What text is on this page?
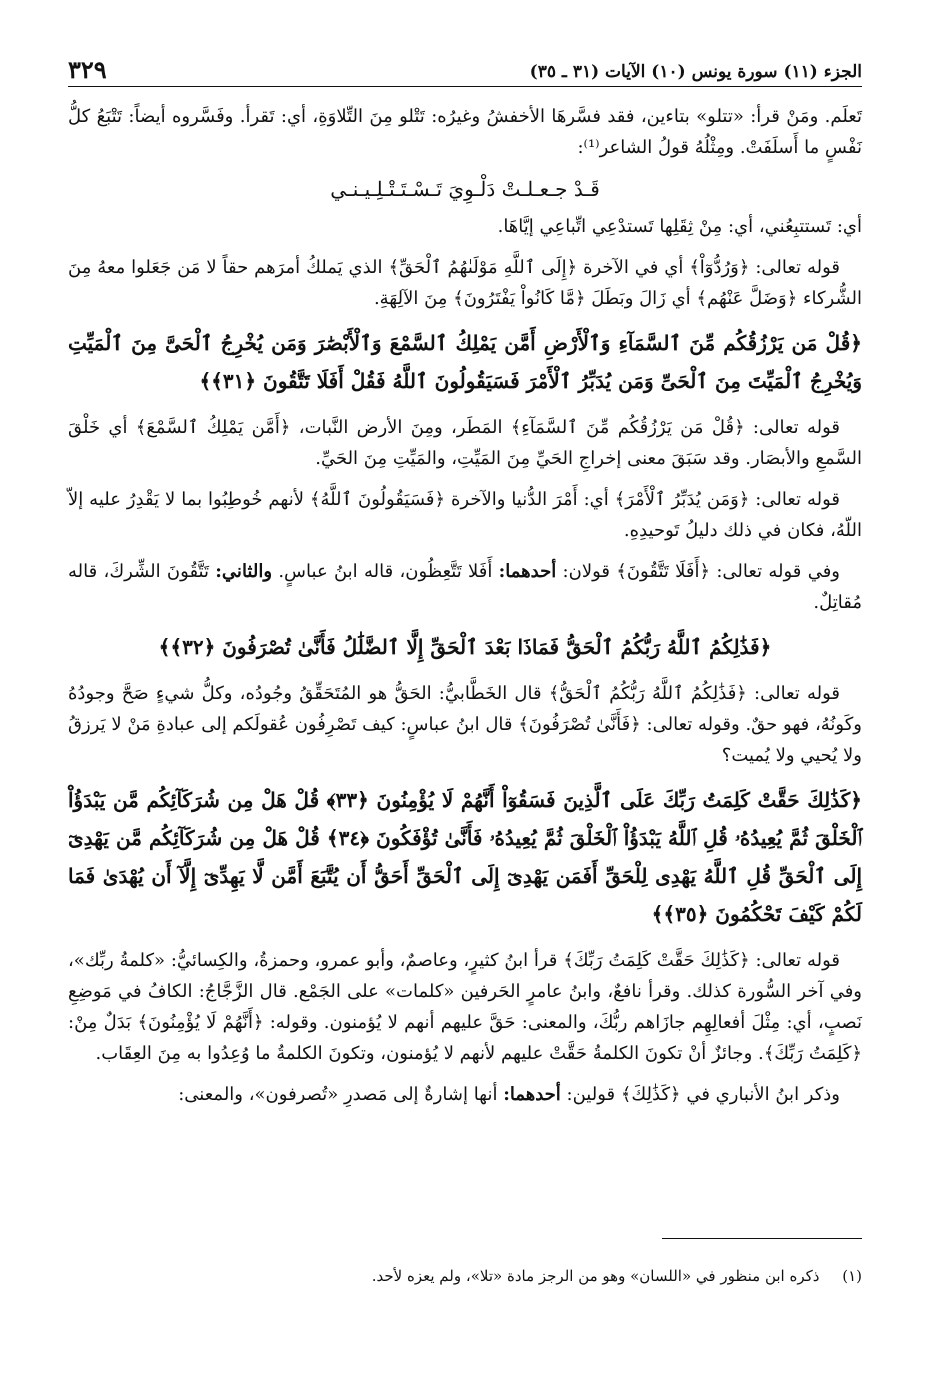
الجزء (١١) سورة يونس (١٠) الآيات (٣١ ـ ٣٥)
٣٢٩

تَعلَم. ومَنْ قرأ: «تتلو» بتاءين، فقد فسَّرهَا الأخفشُ وغيرُه: تَتْلو مِنَ التِّلاوَةِ، أي: تَقرأ. وفَسَّروه أيضاً: تَتْبَعُ كلُّ نَفْسٍ ما أَسلَفَتْ. ومِثْلُهُ قولُ الشاعر⁽¹⁾:

قَـدْ جـعـلـتْ دَلْـوِيَ تَـسْـتَـتْـلِـيـنـي

أي: تَستتبِعُني، أي: مِنْ ثِقَلِها تَستدْعِي اتِّباعِي إيَّاهَا.

قوله تعالى: ﴿وَرُدُّوٓاْ﴾ أي في الآخرة ﴿إِلَى ٱللَّهِ مَوْلَىٰهُمُ ٱلْحَقِّ﴾ الذي يَملكُ أمرَهم حقاً لا مَن جَعَلوا معهُ مِنَ الشُّركاء ﴿وَضَلَّ عَنْهُم﴾ أي زَالَ وبَطَلَ ﴿مَّا كَانُواْ يَفْتَرُونَ﴾ مِنَ الآلِهَةِ.

﴿قُلْ مَن يَرْزُقُكُم مِّنَ ٱلسَّمَآءِ وَٱلْأَرْضِ أَمَّن يَمْلِكُ ٱلسَّمْعَ وَٱلْأَبْصَٰرَ وَمَن يُخْرِجُ ٱلْحَىَّ مِنَ ٱلْمَيِّتِ وَيُخْرِجُ ٱلْمَيِّتَ مِنَ ٱلْحَىِّ وَمَن يُدَبِّرُ ٱلْأَمْرَ فَسَيَقُولُونَ ٱللَّهُ فَقُلْ أَفَلَا تَتَّقُونَ ﴿٣١﴾﴾

قوله تعالى: ﴿قُلْ مَن يَرْزُقُكُم مِّنَ ٱلسَّمَآءِ﴾ المَطَر، ومِنَ الأرض النَّبات، ﴿أَمَّن يَمْلِكُ ٱلسَّمْعَ﴾ أي خَلْقَ السَّمعِ والأبصَار. وقد سَبَقَ معنى إخراجِ الحَيِّ مِنَ المَيِّتِ، والمَيِّتِ مِنَ الحَيِّ.

قوله تعالى: ﴿وَمَن يُدَبِّرُ ٱلْأَمْرَ﴾ أي: أَمْرَ الدُّنيا والآخرة ﴿فَسَيَقُولُونَ ٱللَّهُ﴾ لأنهم خُوطِبُوا بما لا يَقْدِرُ عليه إلاّ اللّهُ، فكان في ذلك دليلُ تَوحيدِهِ.

وفي قوله تعالى: ﴿أَفَلَا تَتَّقُونَ﴾ قولان: أحدهما: أَفَلا تَتَّعِظُون، قاله ابنُ عباسٍ. والثاني: تَتَّقُونَ الشِّركَ، قاله مُقاتِلٌ.

﴿فَذَٰلِكُمُ ٱللَّهُ رَبُّكُمُ ٱلْحَقُّ فَمَاذَا بَعْدَ ٱلْحَقِّ إِلَّا ٱلضَّلَٰلُ فَأَنَّىٰ تُصْرَفُونَ ﴿٣٢﴾﴾

قوله تعالى: ﴿فَذَٰلِكُمُ ٱللَّهُ رَبُّكُمُ ٱلْحَقُّ﴾ قال الخَطَّابيُّ: الحَقُّ هو المُتَحَقِّقُ وجُودُه، وكلُّ شيءٍ صَحَّ وجودُهُ وكَونُهُ، فهو حقٌ. وقوله تعالى: ﴿فَأَنَّىٰ تُصْرَفُونَ﴾ قال ابنُ عباسٍ: كيف تَصْرِفُون عُقولَكم إلى عبادةِ مَنْ لا يَرزقُ ولا يُحيي ولا يُميت؟

﴿كَذَٰلِكَ حَقَّتْ كَلِمَتُ رَبِّكَ عَلَى ٱلَّذِينَ فَسَقُوٓاْ أَنَّهُمْ لَا يُؤْمِنُونَ ﴿٣٣﴾ قُلْ هَلْ مِن شُرَكَآئِكُم مَّن يَبْدَؤُاْ ٱلْخَلْقَ ثُمَّ يُعِيدُهُۥ قُلِ ٱللَّهُ يَبْدَؤُاْ ٱلْخَلْقَ ثُمَّ يُعِيدُهُۥ فَأَنَّىٰ تُؤْفَكُونَ ﴿٣٤﴾ قُلْ هَلْ مِن شُرَكَآئِكُم مَّن يَهْدِىٓ إِلَى ٱلْحَقِّ قُلِ ٱللَّهُ يَهْدِى لِلْحَقِّ أَفَمَن يَهْدِىٓ إِلَى ٱلْحَقِّ أَحَقُّ أَن يُتَّبَعَ أَمَّن لَّا يَهِدِّىٓ إِلَّآ أَن يُهْدَىٰ فَمَا لَكُمْ كَيْفَ تَحْكُمُونَ ﴿٣٥﴾﴾

قوله تعالى: ﴿كَذَٰلِكَ حَقَّتْ كَلِمَتُ رَبِّكَ﴾ قرأ ابنُ كثيرٍ، وعاصمٌ، وأبو عمرو، وحمزةُ، والكِسائيُّ: «كلمةُ ربِّك»، وفي آخر السُّورة كذلك. وقرأ نافعٌ، وابنُ عامرٍ الحَرفين «كلمات» على الجَمْع. قال الزَّجَّاجُ: الكافُ في مَوضِعِ نَصبٍ، أي: مِثْلَ أفعالِهِم جازَاهم ربُّكَ، والمعنى: حَقَّ عليهم أنهم لا يُؤمنون. وقوله: ﴿أَنَّهُمْ لَا يُؤْمِنُونَ﴾ بَدَلٌ مِنْ: ﴿كَلِمَتُ رَبِّكَ﴾. وجائزٌ أنْ تكونَ الكلمةُ حَقَّتْ عليهم لأنهم لا يُؤمنون، وتكونَ الكلمةُ ما وُعِدُوا به مِنَ العِقَاب.

وذكر ابنُ الأنباري في ﴿كَذَٰلِكَ﴾ قولين: أحدهما: أنها إشارةٌ إلى مَصدرِ «تُصرفون»، والمعنى:

(١) ذكره ابن منظور في «اللسان» وهو من الرجز مادة «تلا»، ولم يعزه لأحد.
